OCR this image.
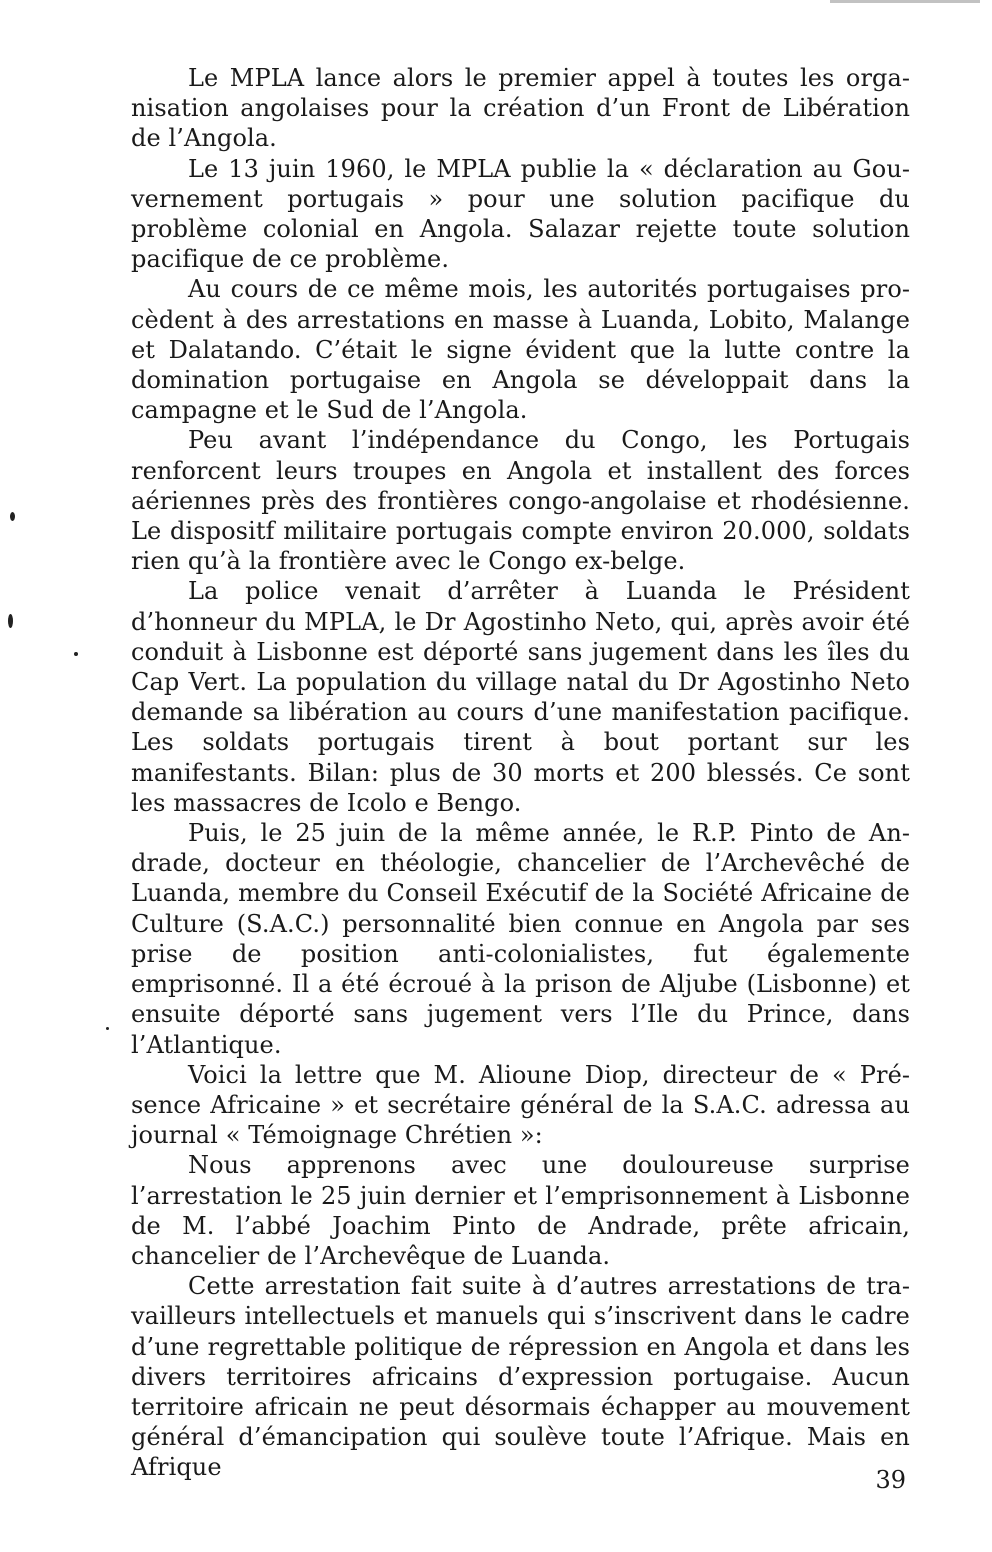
Le MPLA lance alors le premier appel à toutes les organisation angolaises pour la création d’un Front de Libération de l’Angola.

Le 13 juin 1960, le MPLA publie la « déclaration au Gouvernement portugais » pour une solution pacifique du problème colonial en Angola. Salazar rejette toute solution pacifique de ce problème.

Au cours de ce même mois, les autorités portugaises procèdent à des arrestations en masse à Luanda, Lobito, Malange et Dalatando. C’était le signe évident que la lutte contre la domination portugaise en Angola se développait dans la campagne et le Sud de l’Angola.

Peu avant l’indépendance du Congo, les Portugais renforcent leurs troupes en Angola et installent des forces aériennes près des frontières congo-angolaise et rhodésienne. Le dispositf militaire portugais compte environ 20.000, soldats rien qu’à la frontière avec le Congo ex-belge.

La police venait d’arrêter à Luanda le Président d’honneur du MPLA, le Dr Agostinho Neto, qui, après avoir été conduit à Lisbonne est déporté sans jugement dans les îles du Cap Vert. La population du village natal du Dr Agostinho Neto demande sa libération au cours d’une manifestation pacifique. Les soldats portugais tirent à bout portant sur les manifestants. Bilan: plus de 30 morts et 200 blessés. Ce sont les massacres de Icolo e Bengo.

Puis, le 25 juin de la même année, le R.P. Pinto de Andrade, docteur en théologie, chancelier de l’Archevêché de Luanda, membre du Conseil Exécutif de la Société Africaine de Culture (S.A.C.) personnalité bien connue en Angola par ses prise de position anti-colonialistes, fut égalemente emprisonné. Il a été écroué à la prison de Aljube (Lisbonne) et ensuite déporté sans jugement vers l’Ile du Prince, dans l’Atlantique.

Voici la lettre que M. Alioune Diop, directeur de « Présence Africaine » et secrétaire général de la S.A.C. adressa au journal « Témoignage Chrétien »:

Nous apprenons avec une douloureuse surprise l’arrestation le 25 juin dernier et l’emprisonnement à Lisbonne de M. l’abbé Joachim Pinto de Andrade, prête africain, chancelier de l’Archevêque de Luanda.

Cette arrestation fait suite à d’autres arrestations de travailleurs intellectuels et manuels qui s’inscrivent dans le cadre d’une regrettable politique de répression en Angola et dans les divers territoires africains d’expression portugaise. Aucun territoire africain ne peut désormais échapper au mouvement général d’émancipation qui soulève toute l’Afrique. Mais en Afrique	39
